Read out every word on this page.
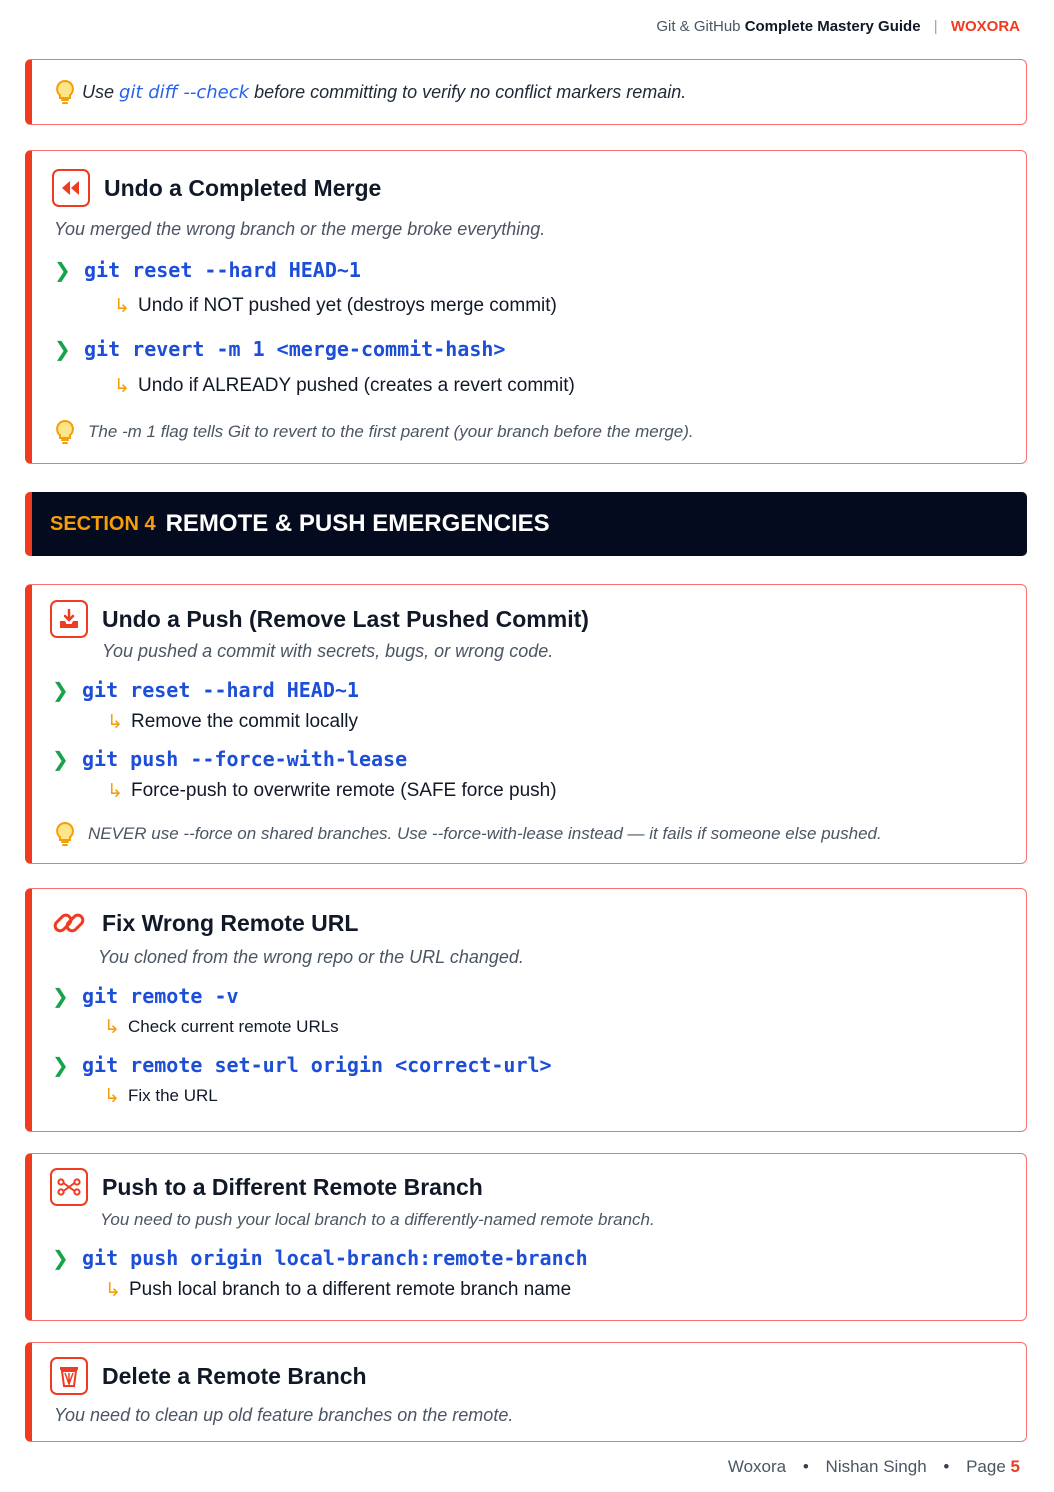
Git & GitHub Complete Mastery Guide | WOXORA
Use
git diff --check
before committing to verify no conflict markers remain.
Undo a Completed Merge
You merged the wrong branch or the merge broke everything.
❯ git reset --hard HEAD~1
↳ Undo if NOT pushed yet (destroys merge commit)
❯ git revert -m 1 <merge-commit-hash>
↳ Undo if ALREADY pushed (creates a revert commit)
The -m 1 flag tells Git to revert to the first parent (your branch before the merge).
SECTION 4 REMOTE & PUSH EMERGENCIES
Undo a Push (Remove Last Pushed Commit)
You pushed a commit with secrets, bugs, or wrong code.
❯ git reset --hard HEAD~1
↳ Remove the commit locally
❯ git push --force-with-lease
↳ Force-push to overwrite remote (SAFE force push)
NEVER use --force on shared branches. Use --force-with-lease instead — it fails if someone else pushed.
Fix Wrong Remote URL
You cloned from the wrong repo or the URL changed.
❯ git remote -v
↳ Check current remote URLs
❯ git remote set-url origin <correct-url>
↳ Fix the URL
Push to a Different Remote Branch
You need to push your local branch to a differently-named remote branch.
❯ git push origin local-branch:remote-branch
↳ Push local branch to a different remote branch name
Delete a Remote Branch
You need to clean up old feature branches on the remote.
Woxora • Nishan Singh • Page 5
